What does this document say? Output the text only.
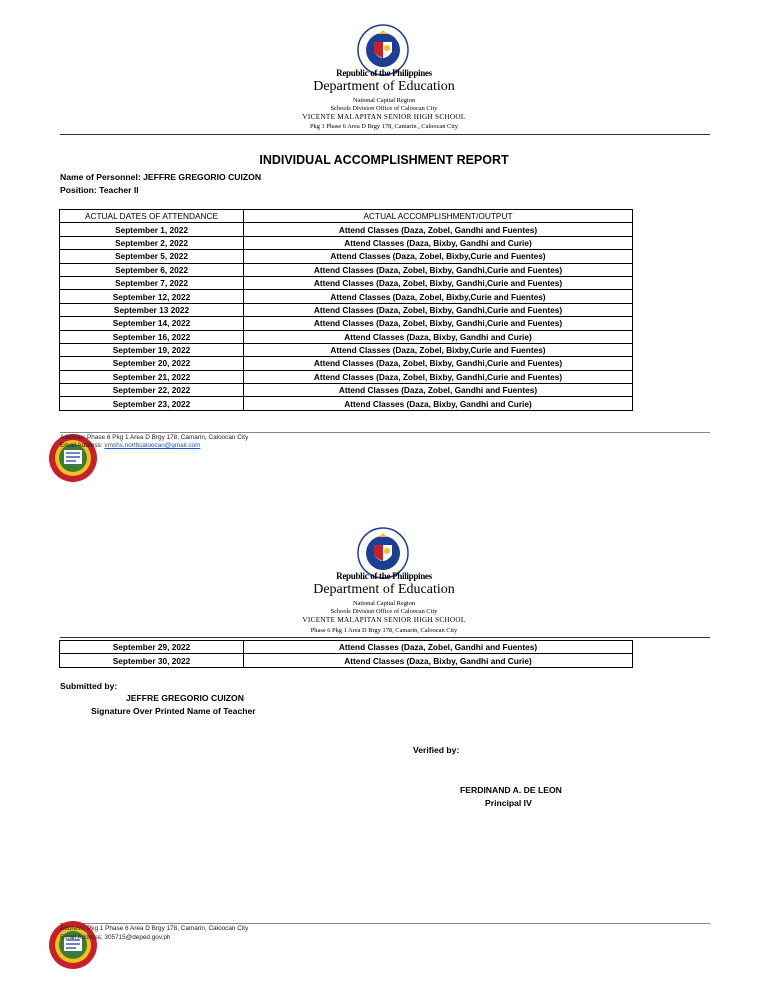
Republic of the Philippines
Department of Education
National Capital Region
Schools Division Office of Caloocan City
VICENTE MALAPITAN SENIOR HIGH SCHOOL
Pkg 1 Phase 6 Area D Brgy 178, Camarin , Caloocan City
INDIVIDUAL ACCOMPLISHMENT REPORT
Name of Personnel: JEFFRE GREGORIO CUIZON
Position: Teacher II
ACTUAL DATES OF ATTENDANCE	ACTUAL ACCOMPLISHMENT/OUTPUT
September 1, 2022	Attend Classes (Daza, Zobel, Gandhi and Fuentes)
September 2, 2022	Attend Classes (Daza, Bixby, Gandhi and Curie)
September 5, 2022	Attend Classes (Daza, Zobel, Bixby,Curie and Fuentes)
September 6, 2022	Attend Classes (Daza, Zobel, Bixby, Gandhi,Curie and Fuentes)
September 7, 2022	Attend Classes (Daza, Zobel, Bixby, Gandhi,Curie and Fuentes)
September 12, 2022	Attend Classes (Daza, Zobel, Bixby,Curie and Fuentes)
September 13 2022	Attend Classes (Daza, Zobel, Bixby, Gandhi,Curie and Fuentes)
September 14, 2022	Attend Classes (Daza, Zobel, Bixby, Gandhi,Curie and Fuentes)
September 16, 2022	Attend Classes (Daza, Bixby, Gandhi and Curie)
September 19, 2022	Attend Classes (Daza, Zobel, Bixby,Curie and Fuentes)
September 20, 2022	Attend Classes (Daza, Zobel, Bixby, Gandhi,Curie and Fuentes)
September 21, 2022	Attend Classes (Daza, Zobel, Bixby, Gandhi,Curie and Fuentes)
September 22, 2022	Attend Classes (Daza, Zobel, Gandhi and Fuentes)
September 23, 2022	Attend Classes (Daza, Bixby, Gandhi and Curie)
Address: Phase 6 Pkg 1 Area D Brgy 178, Camarin, Caloocan City
Email Address: vmshs.northcaloocan@gmail.com
Republic of the Philippines
Department of Education
National Capital Region
Schools Division Office of Caloocan City
VICENTE MALAPITAN SENIOR HIGH SCHOOL
Phase 6 Pkg 1 Area D Brgy 178, Camarin, Caloocan City
September 29, 2022	Attend Classes (Daza, Zobel, Gandhi and Fuentes)
September 30, 2022	Attend Classes (Daza, Bixby, Gandhi and Curie)
Submitted by:
JEFFRE GREGORIO CUIZON
Signature Over Printed Name of Teacher
Verified by:
FERDINAND A. DE LEON
Principal IV
Address: Pkg 1 Phase 6 Area D Brgy 178, Camarin, Caloocan City
Email Address: 305715@deped.gov.ph
